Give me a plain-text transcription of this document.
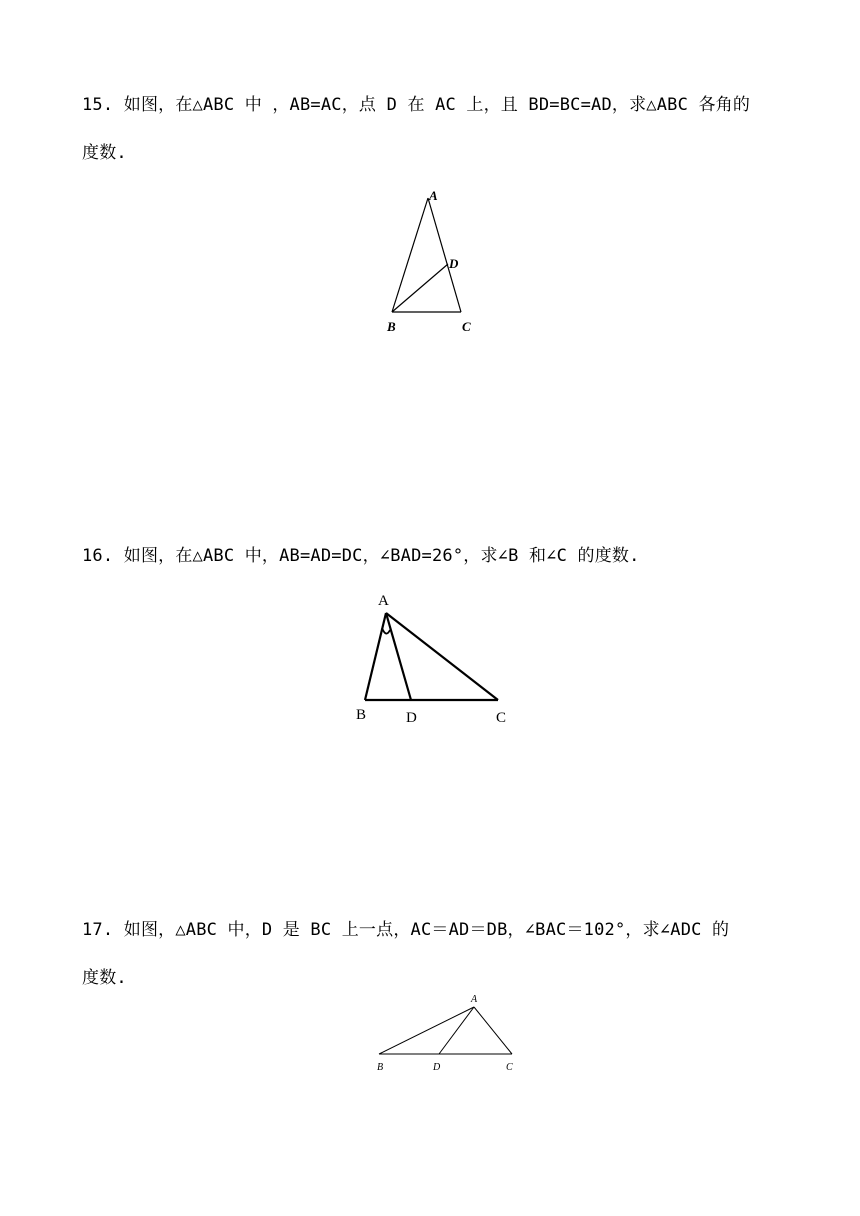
15. 如图，在△ABC 中 ，AB=AC，点 D 在 AC 上，且 BD=BC=AD，求△ABC 各角的
度数.
A
D
B	C
16. 如图，在△ABC 中，AB=AD=DC，∠BAD=26°，求∠B 和∠C 的度数.
A
B	D	C
17. 如图，△ABC 中，D 是 BC 上一点，AC＝AD＝DB，∠BAC＝102°，求∠ADC 的
度数.
A
B	D	C
